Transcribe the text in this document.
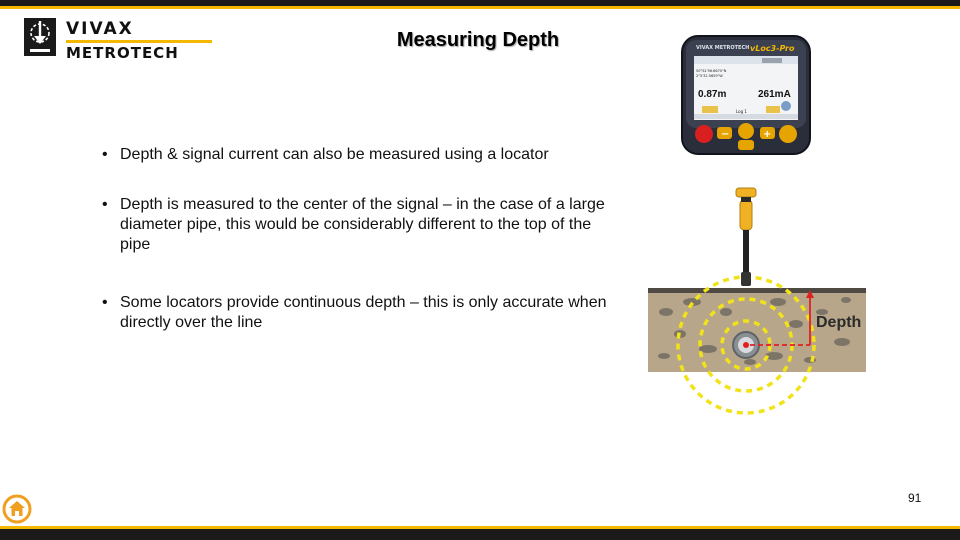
VIVAX
METROTECH
Measuring Depth
• Depth & signal current can also be measured using a locator
• Depth is measured to the center of the signal – in the case of a large diameter pipe, this would be considerably different to the top of the pipe
• Some locators provide continuous depth – this is only accurate when directly over the line
VIVAX METROTECH vLoc3-Pro
50°52'56.6670"N
2°5'32.5659"W
0.87m	261mA
Log 1
−	+
Depth
91
